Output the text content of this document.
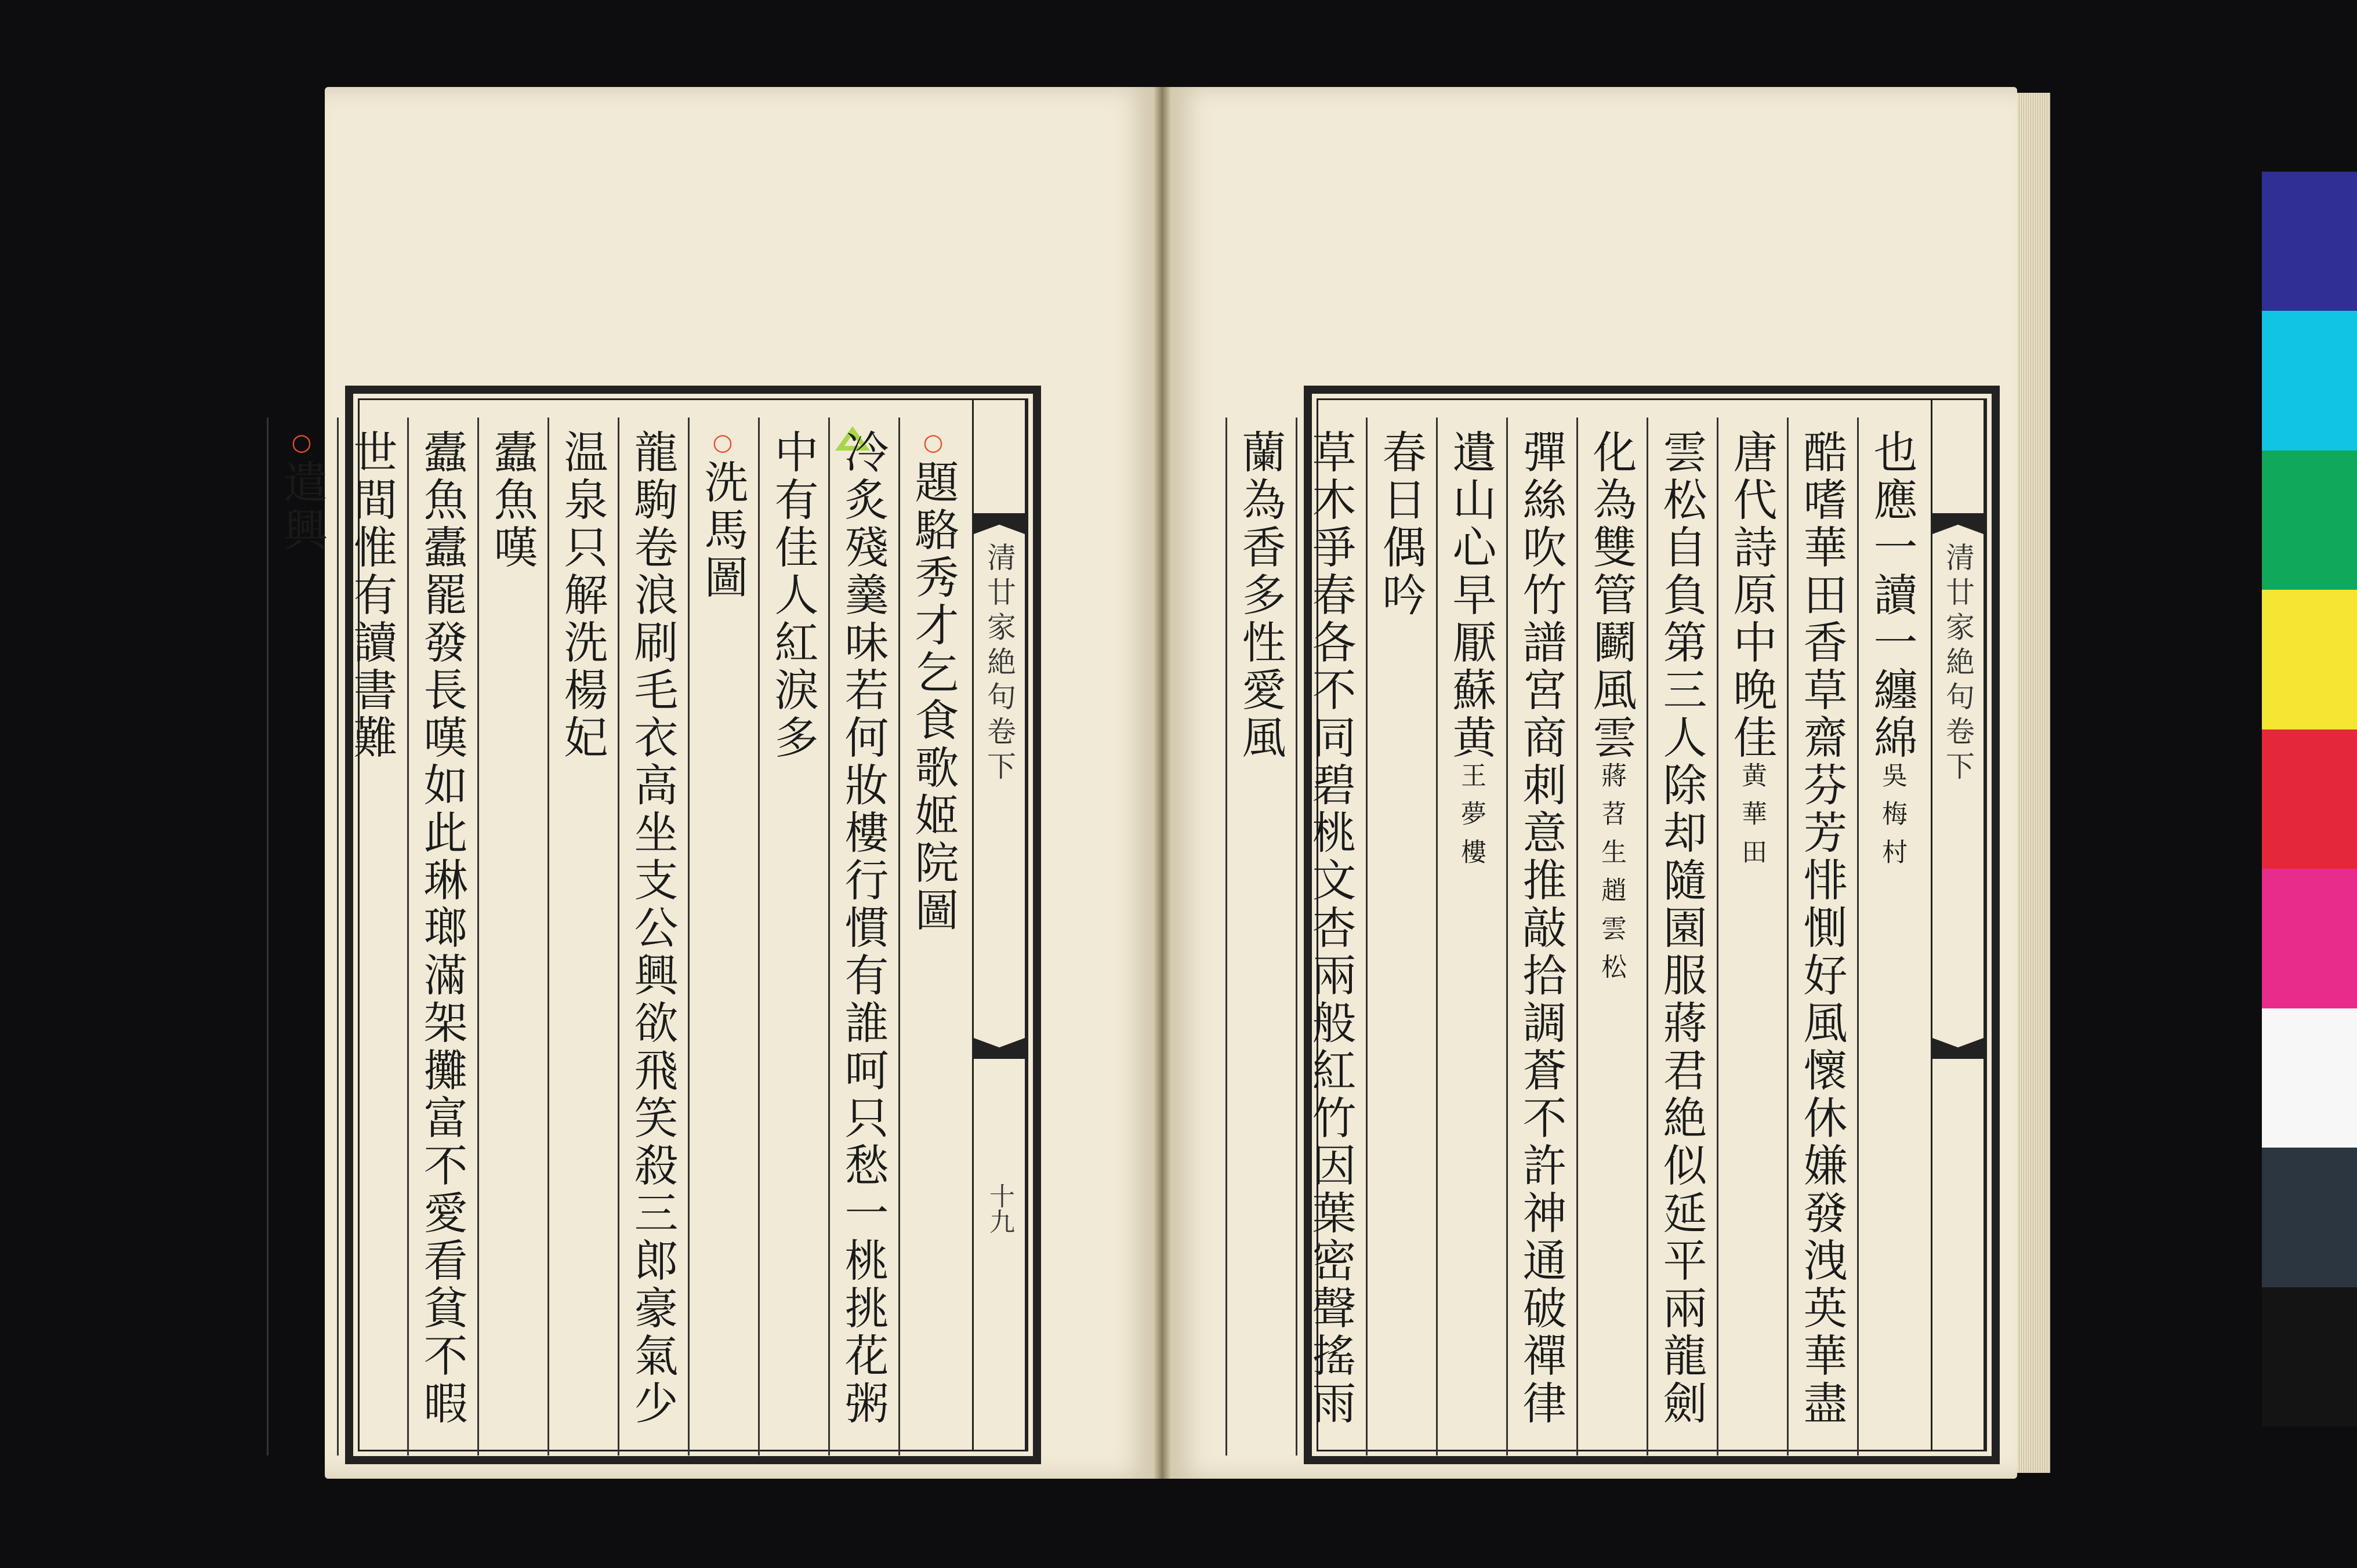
清廿家絶句卷下
十九
○題駱秀才乞食歌姬院圖
冷炙殘羹味若何妝樓行慣有誰呵只愁一桃挑花粥
中有佳人紅淚多
○洗馬圖
龍駒卷浪刷毛衣高坐支公興欲飛笑殺三郎豪氣少
温泉只解洗楊妃
蠹魚嘆
蠹魚蠹罷發長嘆如此琳瑯滿架攤富不愛看貧不暇
世間惟有讀書難
○遣興
清廿家絶句卷下
也應一讀一纏綿吳梅村
酷嗜華田香草齋芬芳悱惻好風懷休嫌發洩英華盡
唐代詩原中晚佳黄華田
雲松自負第三人除却隨園服蔣君絶似延平兩龍劍
化為雙管鬬風雲蔣苕生趙雲松
彈絲吹竹譜宮商刺意推敲拾調蒼不許神通破禪律
遺山心早厭蘇黄王夢樓
春日偶吟
草木爭春各不同碧桃文杏兩般紅竹因葉密聲搖雨
蘭為香多性愛風
